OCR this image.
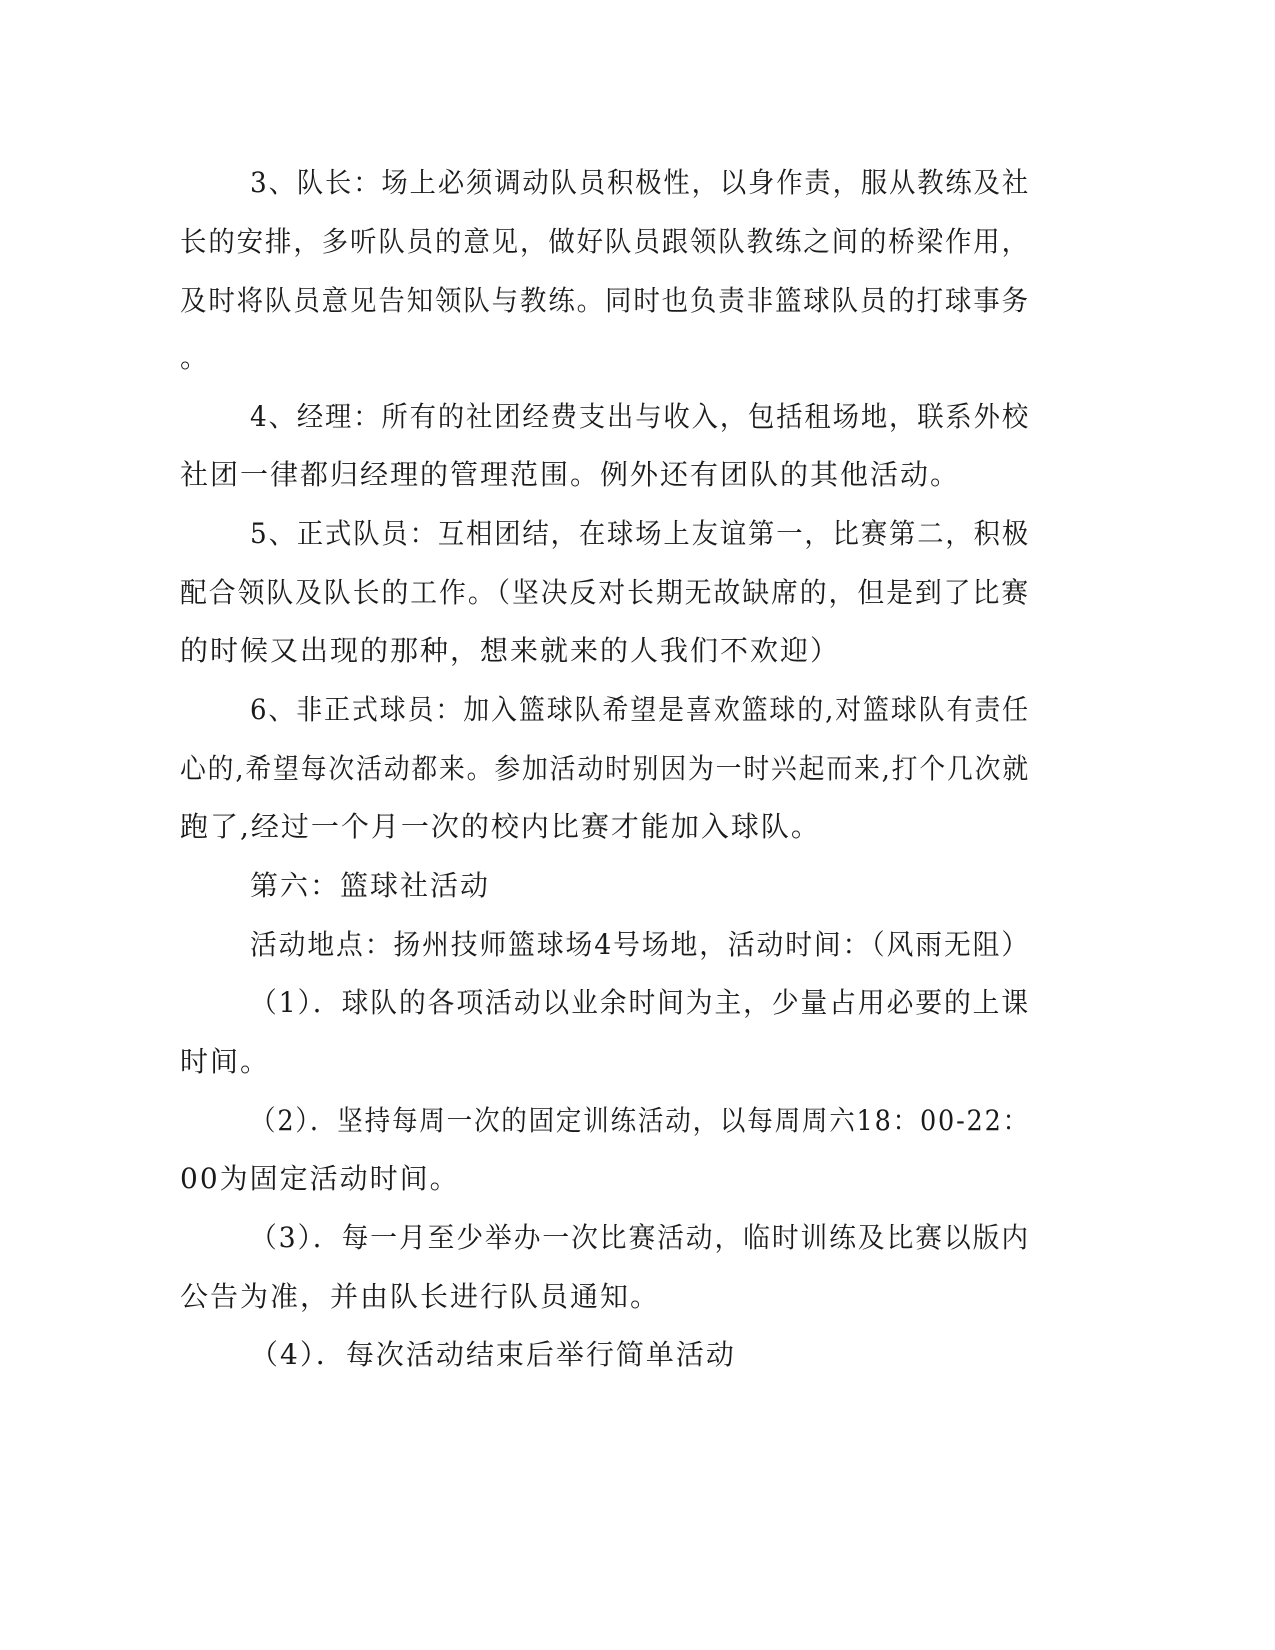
3、队长：场上必须调动队员积极性，以身作责，服从教练及社
长的安排，多听队员的意见，做好队员跟领队教练之间的桥梁作用，
及时将队员意见告知领队与教练。同时也负责非篮球队员的打球事务
。
4、经理：所有的社团经费支出与收入，包括租场地，联系外校
社团一律都归经理的管理范围。例外还有团队的其他活动。
5、正式队员：互相团结，在球场上友谊第一，比赛第二，积极
配合领队及队长的工作。（坚决反对长期无故缺席的，但是到了比赛
的时候又出现的那种，想来就来的人我们不欢迎）
6、非正式球员：加入篮球队希望是喜欢篮球的,对篮球队有责任
心的,希望每次活动都来。参加活动时别因为一时兴起而来,打个几次就
跑了,经过一个月一次的校内比赛才能加入球队。
第六：篮球社活动
活动地点：扬州技师篮球场4号场地，活动时间：（风雨无阻）
（1）．球队的各项活动以业余时间为主，少量占用必要的上课
时间。
（2）．坚持每周一次的固定训练活动，以每周周六18：00-22：
00为固定活动时间。
（3）．每一月至少举办一次比赛活动，临时训练及比赛以版内
公告为准，并由队长进行队员通知。
（4）．每次活动结束后举行简单活动
